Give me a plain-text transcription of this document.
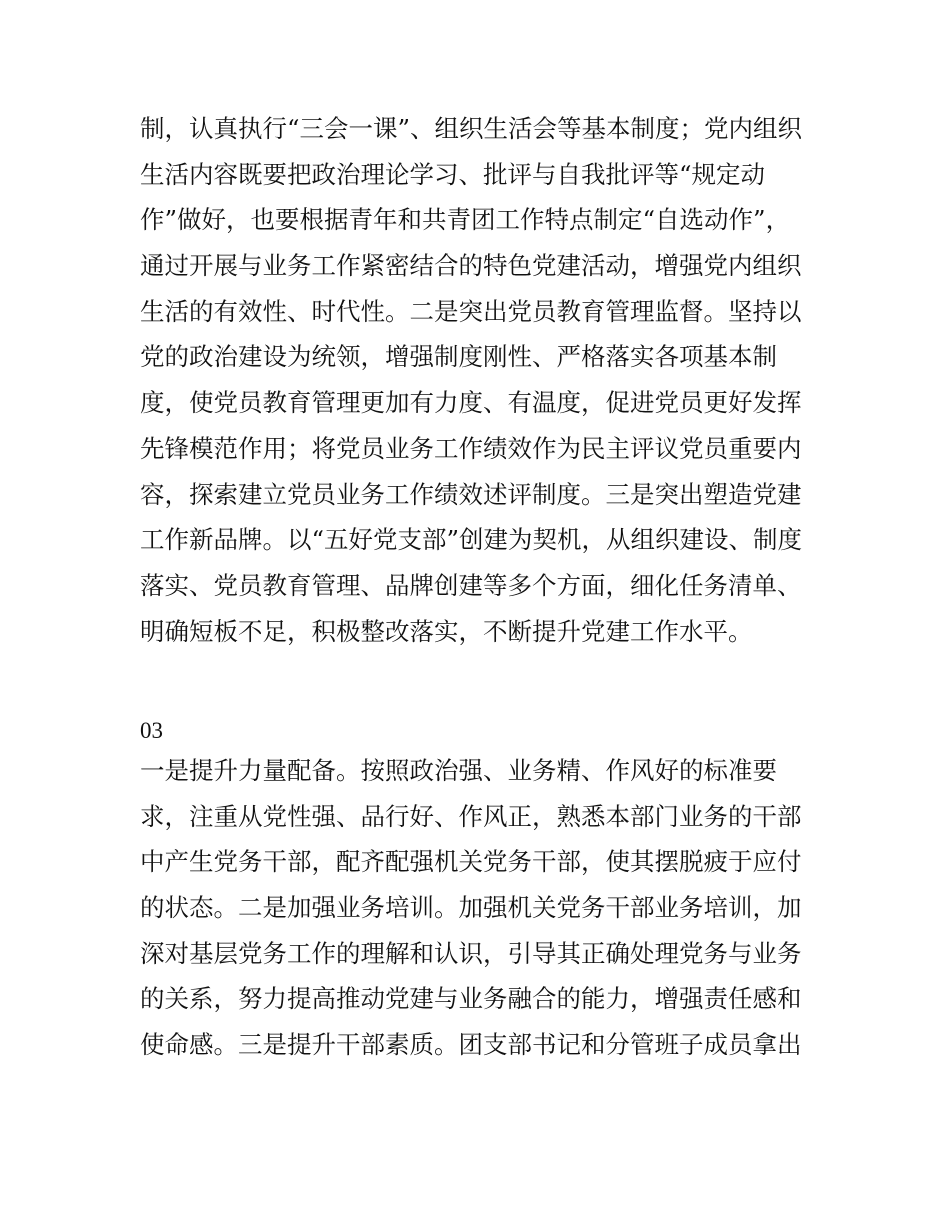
制，认真执行“三会一课”、组织生活会等基本制度；党内组织
生活内容既要把政治理论学习、批评与自我批评等“规定动
作”做好，也要根据青年和共青团工作特点制定“自选动作”，
通过开展与业务工作紧密结合的特色党建活动，增强党内组织
生活的有效性、时代性。二是突出党员教育管理监督。坚持以
党的政治建设为统领，增强制度刚性、严格落实各项基本制
度，使党员教育管理更加有力度、有温度，促进党员更好发挥
先锋模范作用；将党员业务工作绩效作为民主评议党员重要内
容，探索建立党员业务工作绩效述评制度。三是突出塑造党建
工作新品牌。以“五好党支部”创建为契机，从组织建设、制度
落实、党员教育管理、品牌创建等多个方面，细化任务清单、
明确短板不足，积极整改落实，不断提升党建工作水平。
03
一是提升力量配备。按照政治强、业务精、作风好的标准要
求，注重从党性强、品行好、作风正，熟悉本部门业务的干部
中产生党务干部，配齐配强机关党务干部，使其摆脱疲于应付
的状态。二是加强业务培训。加强机关党务干部业务培训，加
深对基层党务工作的理解和认识，引导其正确处理党务与业务
的关系，努力提高推动党建与业务融合的能力，增强责任感和
使命感。三是提升干部素质。团支部书记和分管班子成员拿出
